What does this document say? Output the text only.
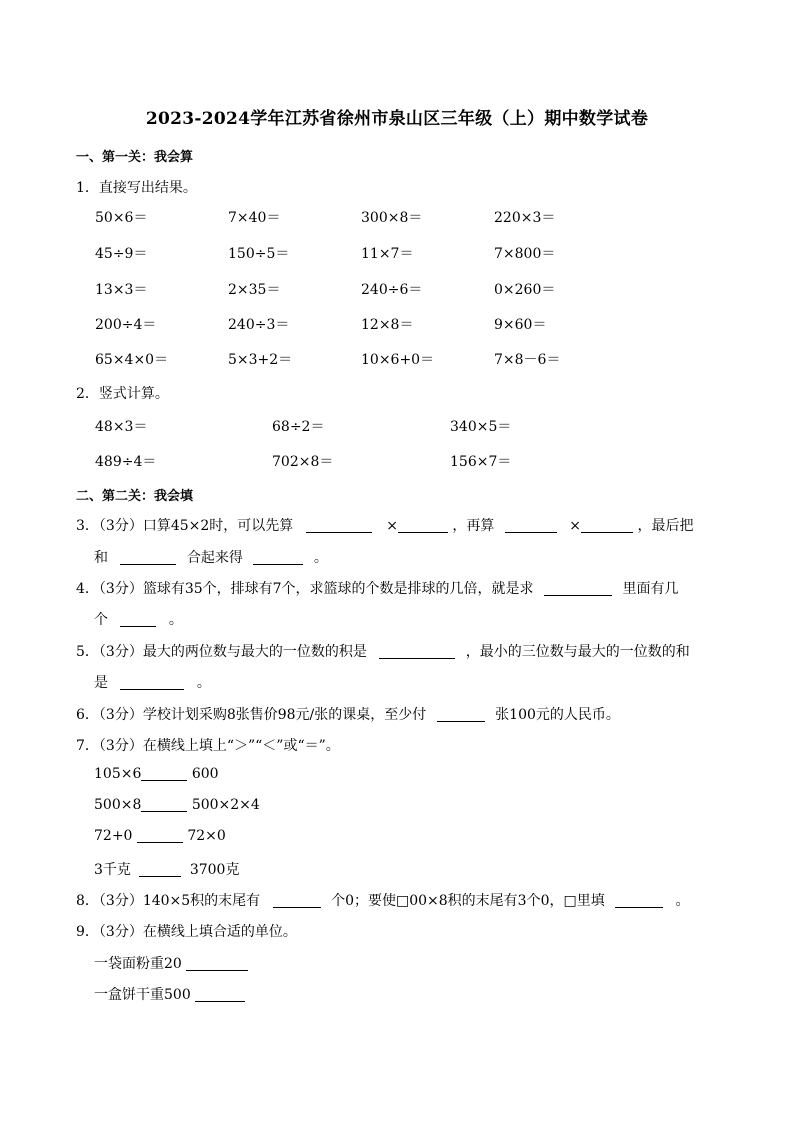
2023-2024学年江苏省徐州市泉山区三年级（上）期中数学试卷
一、第一关：我会算
1．直接写出结果。
50×6＝	7×40＝	300×8＝	220×3＝
45÷9＝	150÷5＝	11×7＝	7×800＝
13×3＝	2×35＝	240÷6＝	0×260＝
200÷4＝	240÷3＝	12×8＝	9×60＝
65×4×0＝	5×3+2＝	10×6+0＝	7×8－6＝
2．竖式计算。
48×3＝	68÷2＝	340×5＝
489÷4＝	702×8＝	156×7＝
二、第二关：我会填
3．（3分）口算45×2时，可以先算	×	，再算	×	，最后把
和	合起来得	。
4．（3分）篮球有35个，排球有7个，求篮球的个数是排球的几倍，就是求	里面有几
个	。
5．（3分）最大的两位数与最大的一位数的积是	，最小的三位数与最大的一位数的和
是	。
6．（3分）学校计划采购8张售价98元/张的课桌，至少付	张100元的人民币。
7．（3分）在横线上填上“＞”“＜”或“＝”。
105×6	600
500×8	500×2×4
72+0	72×0
3千克	3700克
8．（3分）140×5积的末尾有	个0；要使□00×8积的末尾有3个0，□里填	。
9．（3分）在横线上填合适的单位。
一袋面粉重20
一盒饼干重500
